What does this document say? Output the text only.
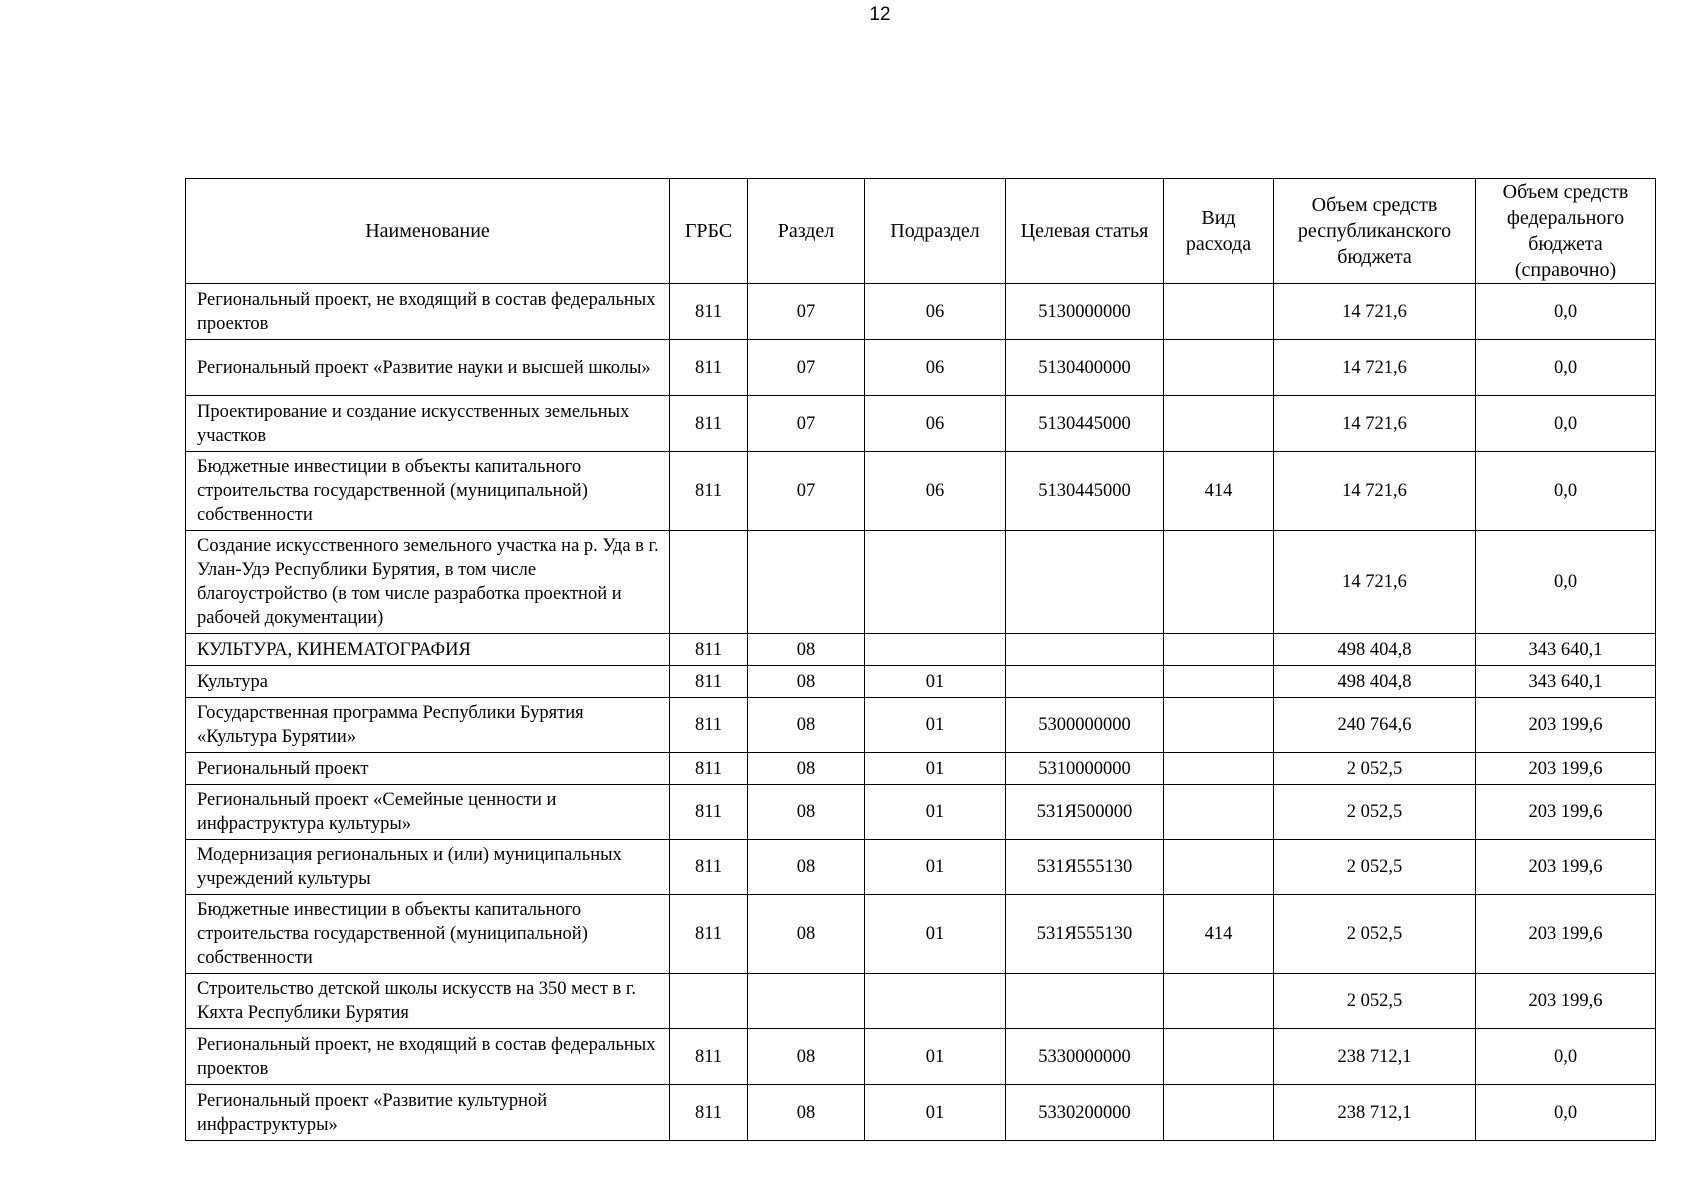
12
Наименование	ГРБС	Раздел	Подраздел	Целевая статья	Вид расхода	Объем средств республиканского бюджета	Объем средств федерального бюджета (справочно)
Региональный проект, не входящий в состав федеральных проектов	811	07	06	5130000000		14 721,6	0,0
Региональный проект «Развитие науки и высшей школы»	811	07	06	5130400000		14 721,6	0,0
Проектирование и создание искусственных земельных участков	811	07	06	5130445000		14 721,6	0,0
Бюджетные инвестиции в объекты капитального строительства государственной (муниципальной) собственности	811	07	06	5130445000	414	14 721,6	0,0
Создание искусственного земельного участка на р. Уда в г. Улан-Удэ Республики Бурятия, в том числе благоустройство (в том числе разработка проектной и рабочей документации)						14 721,6	0,0
КУЛЬТУРА, КИНЕМАТОГРАФИЯ	811	08				498 404,8	343 640,1
Культура	811	08	01			498 404,8	343 640,1
Государственная программа Республики Бурятия «Культура Бурятии»	811	08	01	5300000000		240 764,6	203 199,6
Региональный проект	811	08	01	5310000000		2 052,5	203 199,6
Региональный проект «Семейные ценности и инфраструктура культуры»	811	08	01	531Я500000		2 052,5	203 199,6
Модернизация региональных и (или) муниципальных учреждений культуры	811	08	01	531Я555130		2 052,5	203 199,6
Бюджетные инвестиции в объекты капитального строительства государственной (муниципальной) собственности	811	08	01	531Я555130	414	2 052,5	203 199,6
Строительство детской школы искусств на 350 мест в г. Кяхта Республики Бурятия						2 052,5	203 199,6
Региональный проект, не входящий в состав федеральных проектов	811	08	01	5330000000		238 712,1	0,0
Региональный проект «Развитие культурной инфраструктуры»	811	08	01	5330200000		238 712,1	0,0
